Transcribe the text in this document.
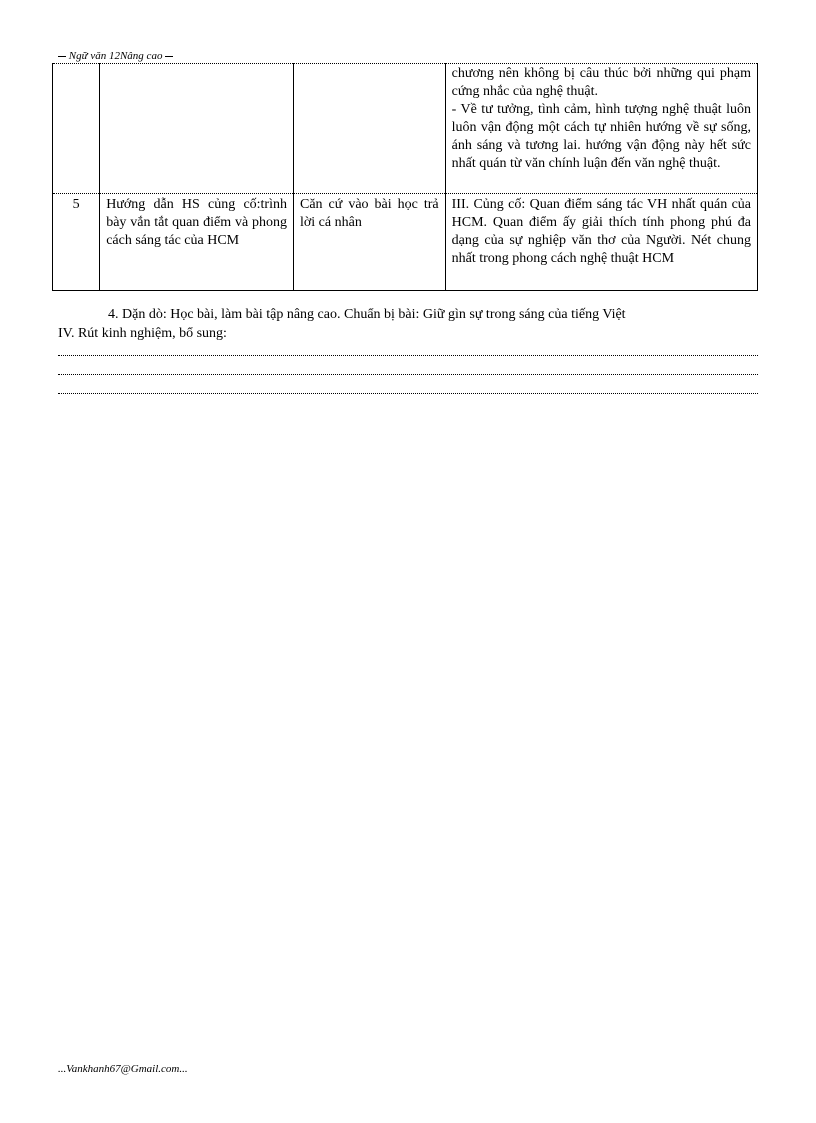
Ngữ văn 12Nâng cao

			chương nên không bị câu thúc bởi những qui phạm cứng nhắc của nghệ thuật.
- Về tư tưởng, tình cảm, hình tượng nghệ thuật luôn luôn vận động một cách tự nhiên hướng về sự sống, ánh sáng và tương lai. hướng vận động này hết sức nhất quán từ văn chính luận đến văn nghệ thuật.

5	Hướng dẫn HS củng cố:trình bày vắn tắt quan điểm và phong cách sáng tác của HCM	Căn cứ vào bài học trả lời cá nhân	III. Củng cố: Quan điểm sáng tác VH nhất quán của HCM. Quan điểm ấy giải thích tính phong phú đa dạng của sự nghiệp văn thơ của Người. Nét chung nhất trong phong cách nghệ thuật HCM
4. Dặn dò: Học bài, làm bài tập nâng cao. Chuẩn bị bài: Giữ gìn sự trong sáng của tiếng Việt
IV. Rút kinh nghiệm, bổ sung:
...Vankhanh67@Gmail.com...
